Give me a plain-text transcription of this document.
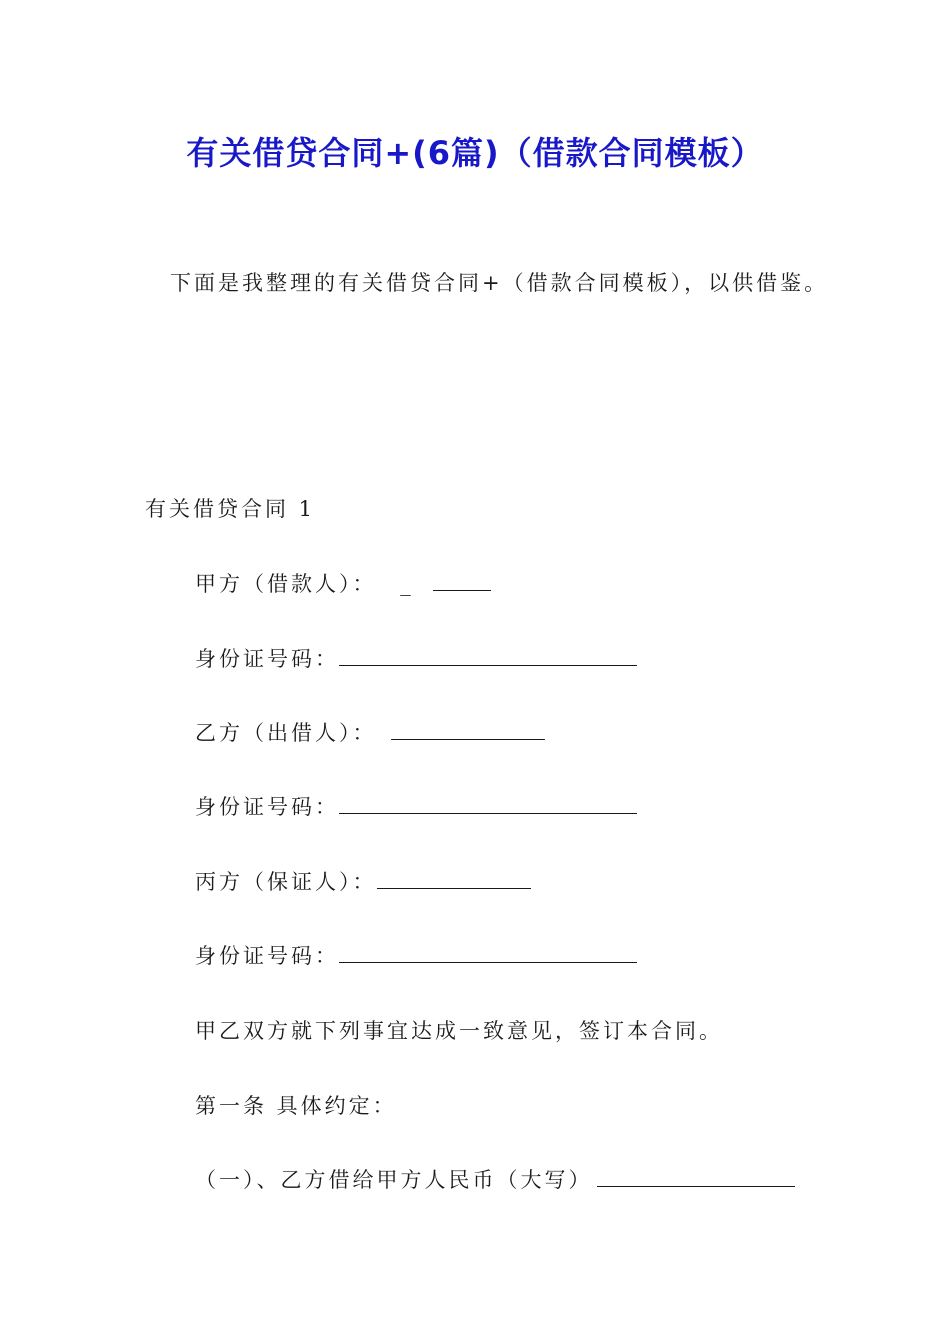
有关借贷合同+(6篇)（借款合同模板）
下面是我整理的有关借贷合同+（借款合同模板），以供借鉴。
有关借贷合同 1
甲方（借款人）： _
身份证号码：
乙方（出借人）：
身份证号码：
丙方（保证人）：
身份证号码：
甲乙双方就下列事宜达成一致意见，签订本合同。
第一条 具体约定：
（一）、乙方借给甲方人民币（大写）
